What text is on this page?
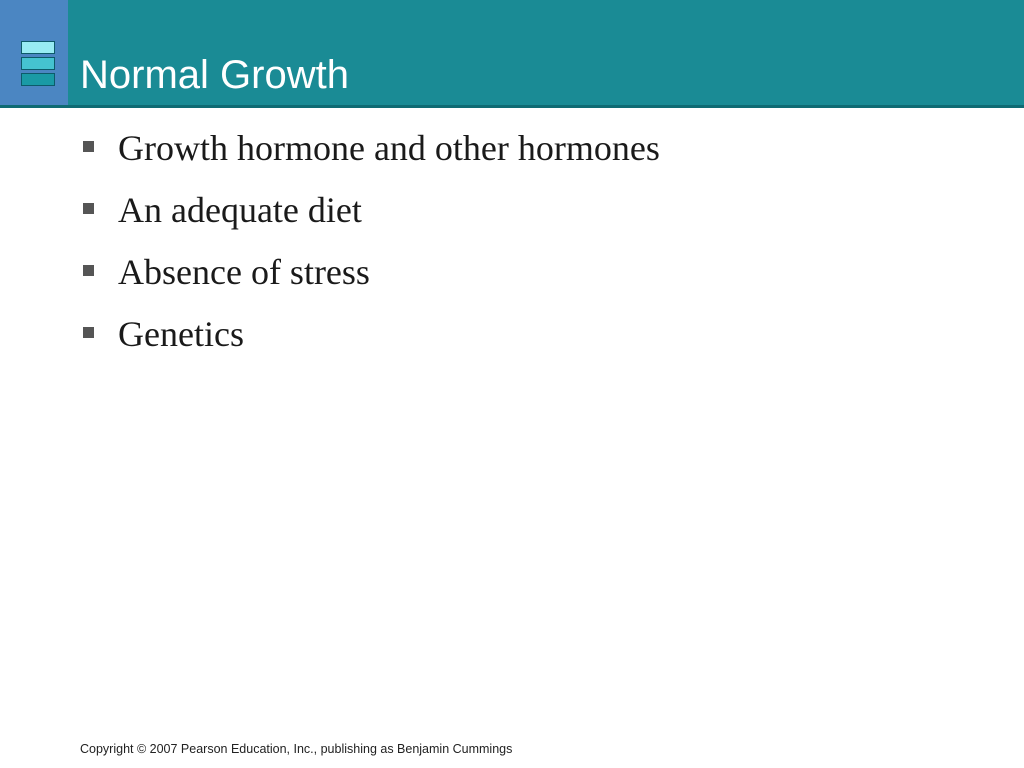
Normal Growth
Growth hormone and other hormones
An adequate diet
Absence of stress
Genetics
Copyright © 2007 Pearson Education, Inc., publishing as Benjamin Cummings
